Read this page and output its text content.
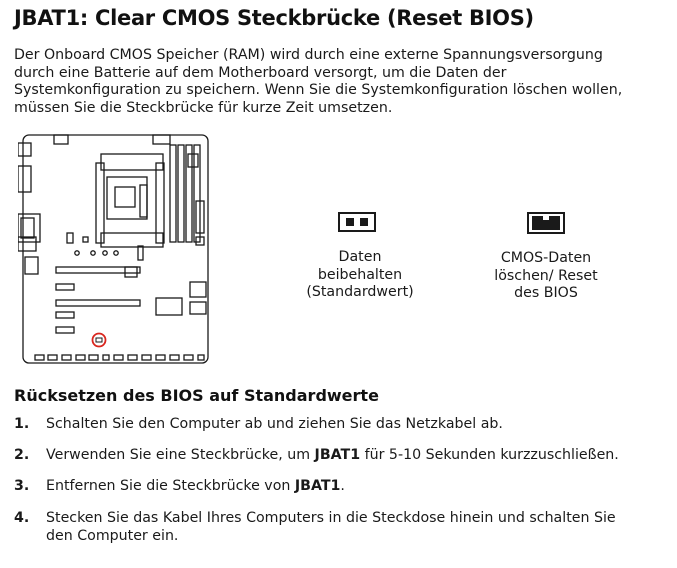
JBAT1: Clear CMOS Steckbrücke (Reset BIOS)
Der Onboard CMOS Speicher (RAM) wird durch eine externe Spannungsversorgung
durch eine Batterie auf dem Motherboard versorgt, um die Daten der
Systemkonfiguration zu speichern. Wenn Sie die Systemkonfiguration löschen wollen,
müssen Sie die Steckbrücke für kurze Zeit umsetzen.
Daten
beibehalten
(Standardwert)
CMOS-Daten
löschen/ Reset
des BIOS
Rücksetzen des BIOS auf Standardwerte
1. Schalten Sie den Computer ab und ziehen Sie das Netzkabel ab.
2. Verwenden Sie eine Steckbrücke, um JBAT1 für 5-10 Sekunden kurzzuschließen.
3. Entfernen Sie die Steckbrücke von JBAT1.
4. Stecken Sie das Kabel Ihres Computers in die Steckdose hinein und schalten Sie
den Computer ein.
